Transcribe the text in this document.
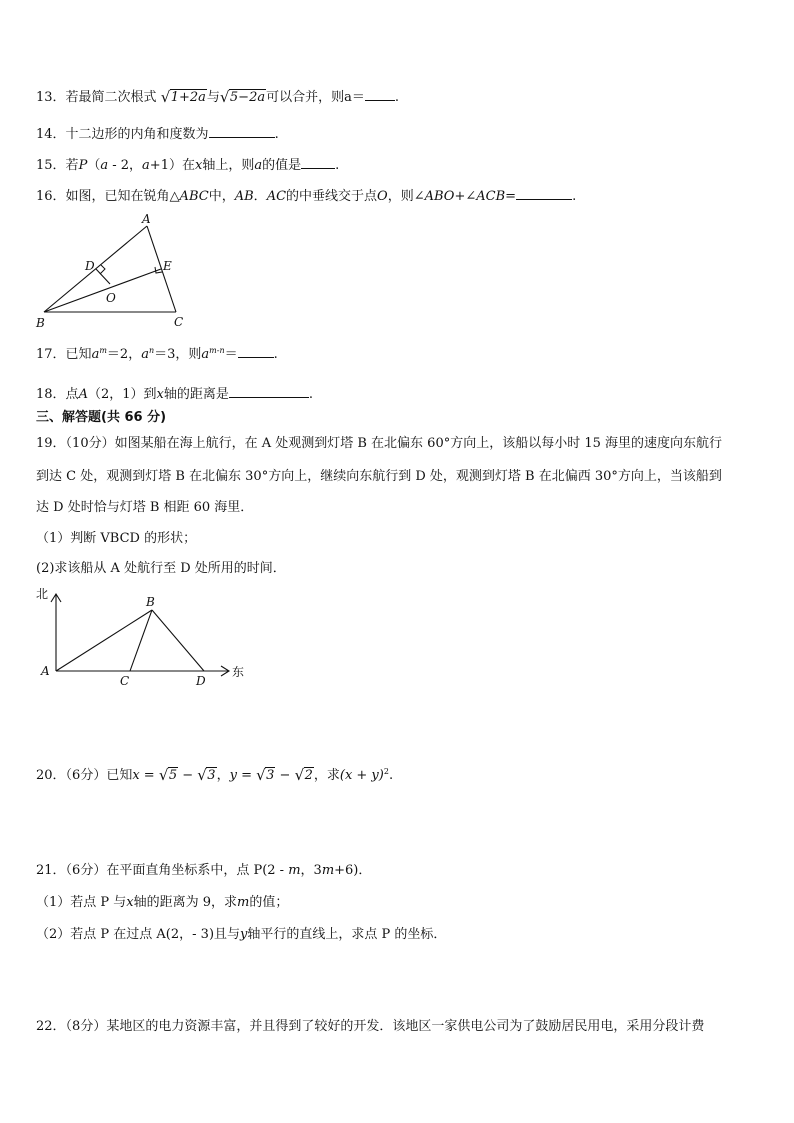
13．若最简二次根式 √ 1+2a与 √ 5−2a可以合并，则a＝ .
14．十二边形的内角和度数为	.
15．若P（a - 2，a+1）在x轴上，则a的值是	.
16．如图，已知在锐角△ABC中，AB．AC的中垂线交于点O，则∠ABO+∠ACB=	.
A
B	C
D	E
O
17．已知$a^m=2$，$a^n=3$，则$a^{m-n}=$	.
18．点A（2，1）到x轴的距离是	.
三、解答题(共 66 分)
19．（10分）如图某船在海上航行，在 A 处观测到灯塔 B 在北偏东 60°方向上，该船以每小时 15 海里的速度向东航行
到达 C 处，观测到灯塔 B 在北偏东 30°方向上，继续向东航行到 D 处，观测到灯塔 B 在北偏西 30°方向上，当该船到
达 D 处时恰与灯塔 B 相距 60 海里．
（1）判断 VBCD 的形状；
(2)求该船从 A 处航行至 D 处所用的时间．
北
东
A
B
C	D
20．（6分）已知x = √ 5 − √ 3，y = √ 3 − √ 2，求$(x + y)^2$.
21．（6分）在平面直角坐标系中，点 P(2 - m，3m+6)．
（1）若点 P 与x轴的距离为 9，求m的值；
（2）若点 P 在过点 A(2，- 3)且与y轴平行的直线上，求点 P 的坐标．
22．（8分）某地区的电力资源丰富，并且得到了较好的开发．该地区一家供电公司为了鼓励居民用电，采用分段计费
